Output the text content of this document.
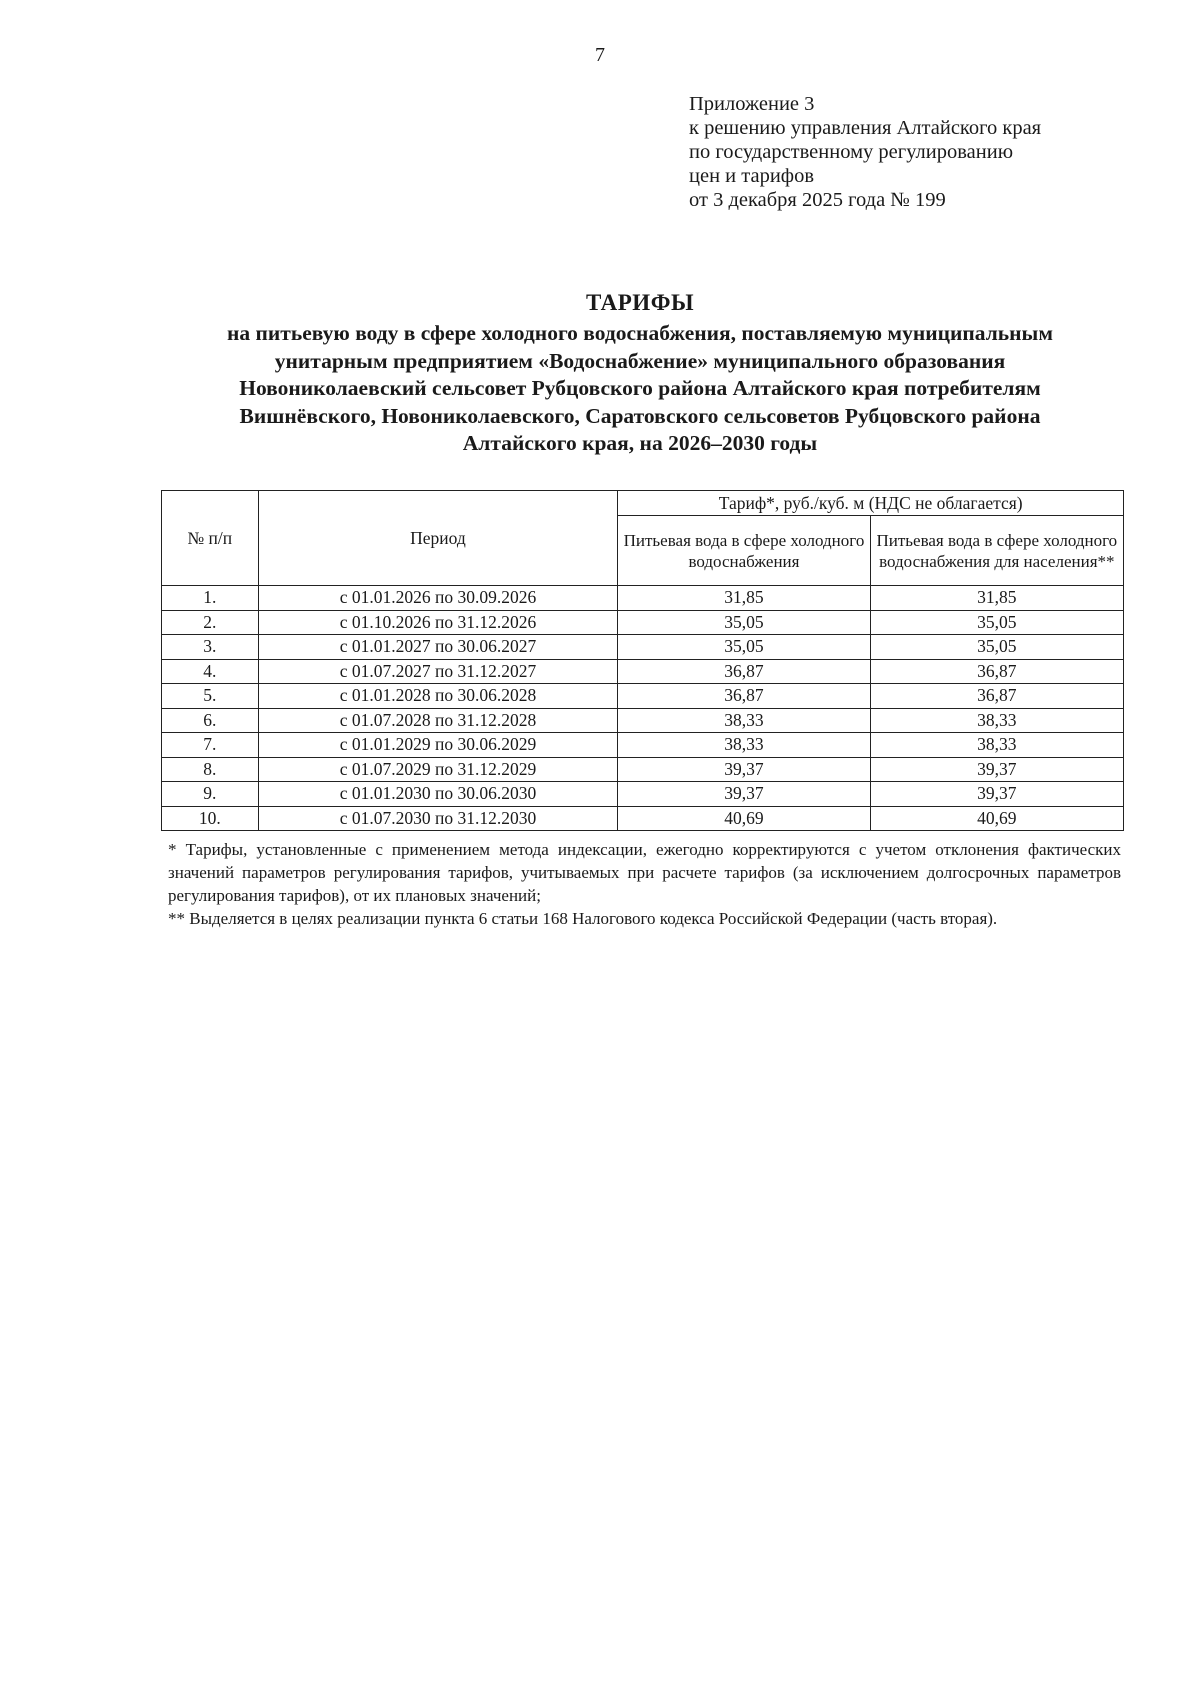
7
Приложение 3
к решению управления Алтайского края
по государственному регулированию
цен и тарифов
от 3 декабря 2025 года № 199
ТАРИФЫ
на питьевую воду в сфере холодного водоснабжения, поставляемую муниципальным
унитарным предприятием «Водоснабжение» муниципального образования
Новониколаевский сельсовет Рубцовского района Алтайского края потребителям
Вишнёвского, Новониколаевского, Саратовского сельсоветов Рубцовского района
Алтайского края, на 2026–2030 годы
№ п/п	Период	Тариф*, руб./куб. м (НДС не облагается)	
		Питьевая вода в сфере холодного водоснабжения	Питьевая вода в сфере холодного водоснабжения для населения**
1.	с 01.01.2026 по 30.09.2026	31,85	31,85
2.	с 01.10.2026 по 31.12.2026	35,05	35,05
3.	с 01.01.2027 по 30.06.2027	35,05	35,05
4.	с 01.07.2027 по 31.12.2027	36,87	36,87
5.	с 01.01.2028 по 30.06.2028	36,87	36,87
6.	с 01.07.2028 по 31.12.2028	38,33	38,33
7.	с 01.01.2029 по 30.06.2029	38,33	38,33
8.	с 01.07.2029 по 31.12.2029	39,37	39,37
9.	с 01.01.2030 по 30.06.2030	39,37	39,37
10.	с 01.07.2030 по 31.12.2030	40,69	40,69

* Тарифы, установленные с применением метода индексации, ежегодно корректируются с учетом отклонения фактических значений параметров регулирования тарифов, учитываемых при расчете тарифов (за исключением долгосрочных параметров регулирования тарифов), от их плановых значений;

** Выделяется в целях реализации пункта 6 статьи 168 Налогового кодекса Российской Федерации (часть вторая).
